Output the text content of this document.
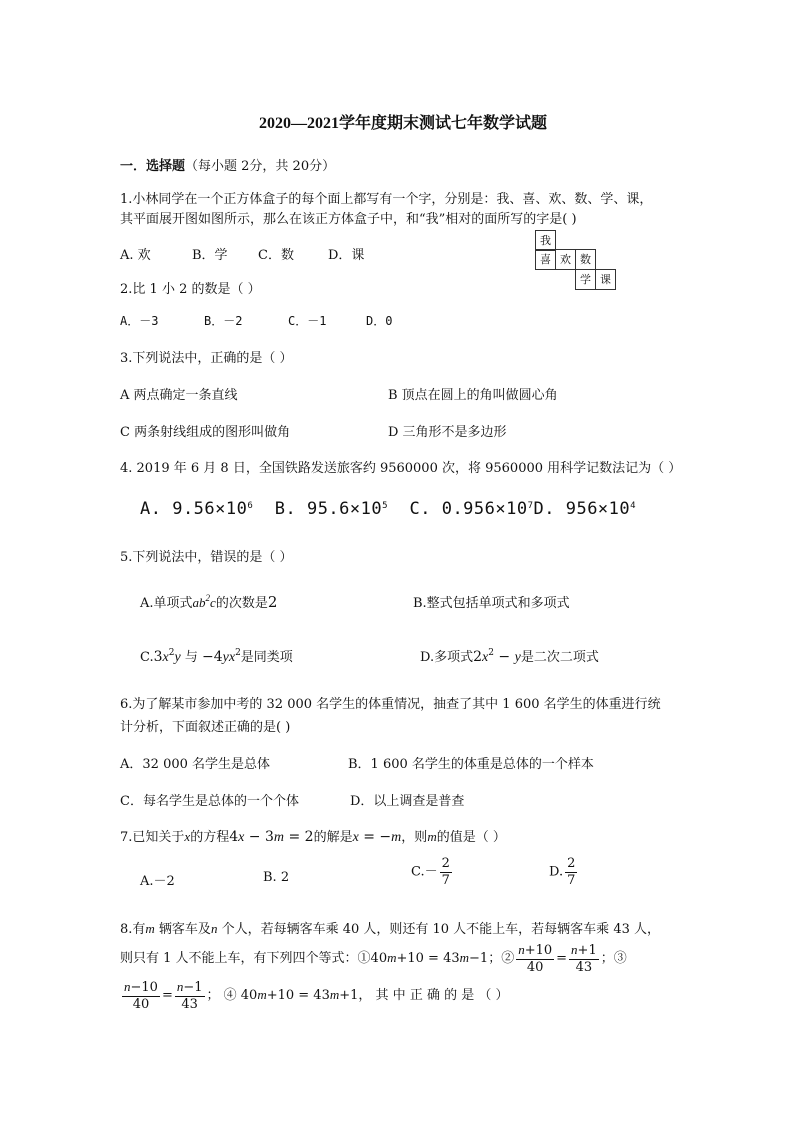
2020—2021学年度期末测试七年数学试题
一．选择题（每小题 2分，共 20分）
1.小林同学在一个正方体盒子的每个面上都写有一个字，分别是：我、喜、欢、数、学、课，
其平面展开图如图所示，那么在该正方体盒子中，和“我”相对的面所写的字是( )
A. 欢	B．学 C．数	D．课
我
喜 欢 数
学 课
2.比 1 小 2 的数是（ ）
A．－3	B．－2	C．－1	D．0
3.下列说法中，正确的是（ ）
A 两点确定一条直线	B 顶点在圆上的角叫做圆心角
C 两条射线组成的图形叫做角	D 三角形不是多边形
4. 2019 年 6 月 8 日，全国铁路发送旅客约 9560000 次，将 9560000 用科学记数法记为（ ）
A. $9.56\times 10^6$  B. $95.6\times 10^5$  C. $0.956\times 10^7D$. $956\times 10^4$
5.下列说法中，错误的是（ ）
A.单项式$ab^2c$的次数是2	B.整式包括单项式和多项式
$C.3x^2y$ 与 $-4yx^2$是同类项	D.多项式$2x^2 - y$是二次二项式
6.为了解某市参加中考的 32 000 名学生的体重情况，抽查了其中 1 600 名学生的体重进行统
计分析，下面叙述正确的是( )
A．32 000 名学生是总体	B．1 600 名学生的体重是总体的一个样本
C．每名学生是总体的一个个体	D．以上调查是普查
7.已知关于x的方程4x − 3m = 2的解是x = −m，则m的值是（ ）
A.－2	B. 2	$C.- \frac{2}{7}$	D. $\frac{2}{7}$
8.有m 辆客车及n 个人，若每辆客车乘 40 人，则还有 10 人不能上车，若每辆客车乘 43 人，
则只有 1 人不能上车，有下列四个等式：①40m+10 = 43m−1；② $\frac{n+10}{40} = \frac{n+1}{43}$ ；③
$\frac{n-10}{40} = \frac{n-1}{43}$ ； ④ 40m+10 = 43m+1， 其 中 正 确 的 是 （ ）
